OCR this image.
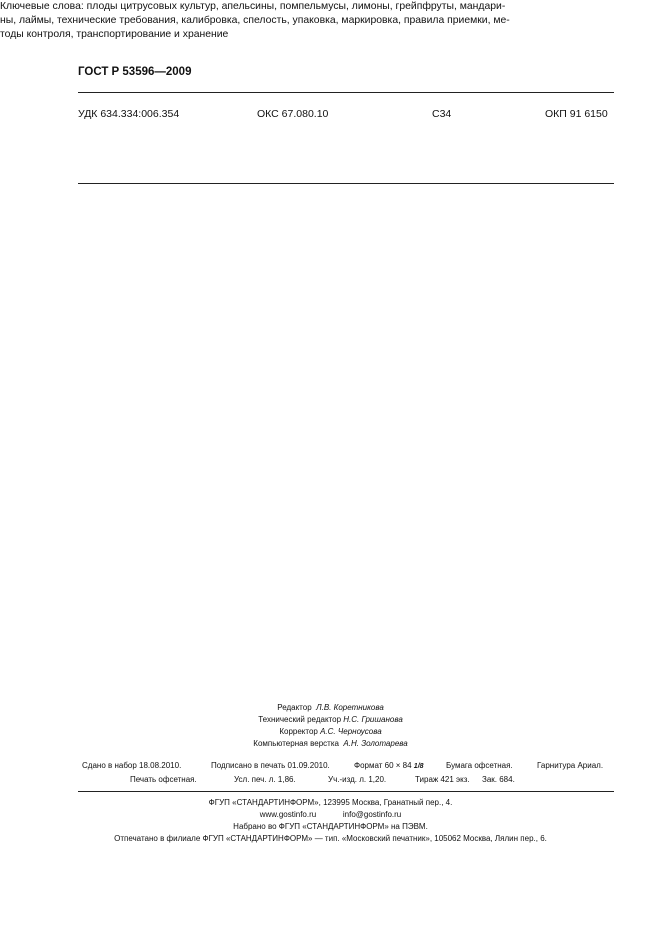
ГОСТ Р 53596—2009
УДК 634.334:006.354	ОКС 67.080.10	С34	ОКП 91 6150
Ключевые слова: плоды цитрусовых культур, апельсины, помпельмусы, лимоны, грейпфруты, мандари-
ны, лаймы, технические требования, калибровка, спелость, упаковка, маркировка, правила приемки, ме-
тоды контроля, транспортирование и хранение
Редактор Л.В. Коретникова
Технический редактор Н.С. Гришанова
Корректор А.С. Черноусова
Компьютерная верстка А.Н. Золотарева
Сдано в набор 18.08.2010.	Подписано в печать 01.09.2010.	Формат 60 × 84 1/8	Бумага офсетная.	Гарнитура Ариал.
Печать офсетная.	Усл. печ. л. 1,86.	Уч.-изд. л. 1,20.	Тираж 421 экз. Зак. 684.
ФГУП «СТАНДАРТИНФОРМ», 123995 Москва, Гранатный пер., 4.
www.gostinfo.ru	info@gostinfo.ru
Набрано во ФГУП «СТАНДАРТИНФОРМ» на ПЭВМ.
Отпечатано в филиале ФГУП «СТАНДАРТИНФОРМ» — тип. «Московский печатник», 105062 Москва, Лялин пер., 6.
